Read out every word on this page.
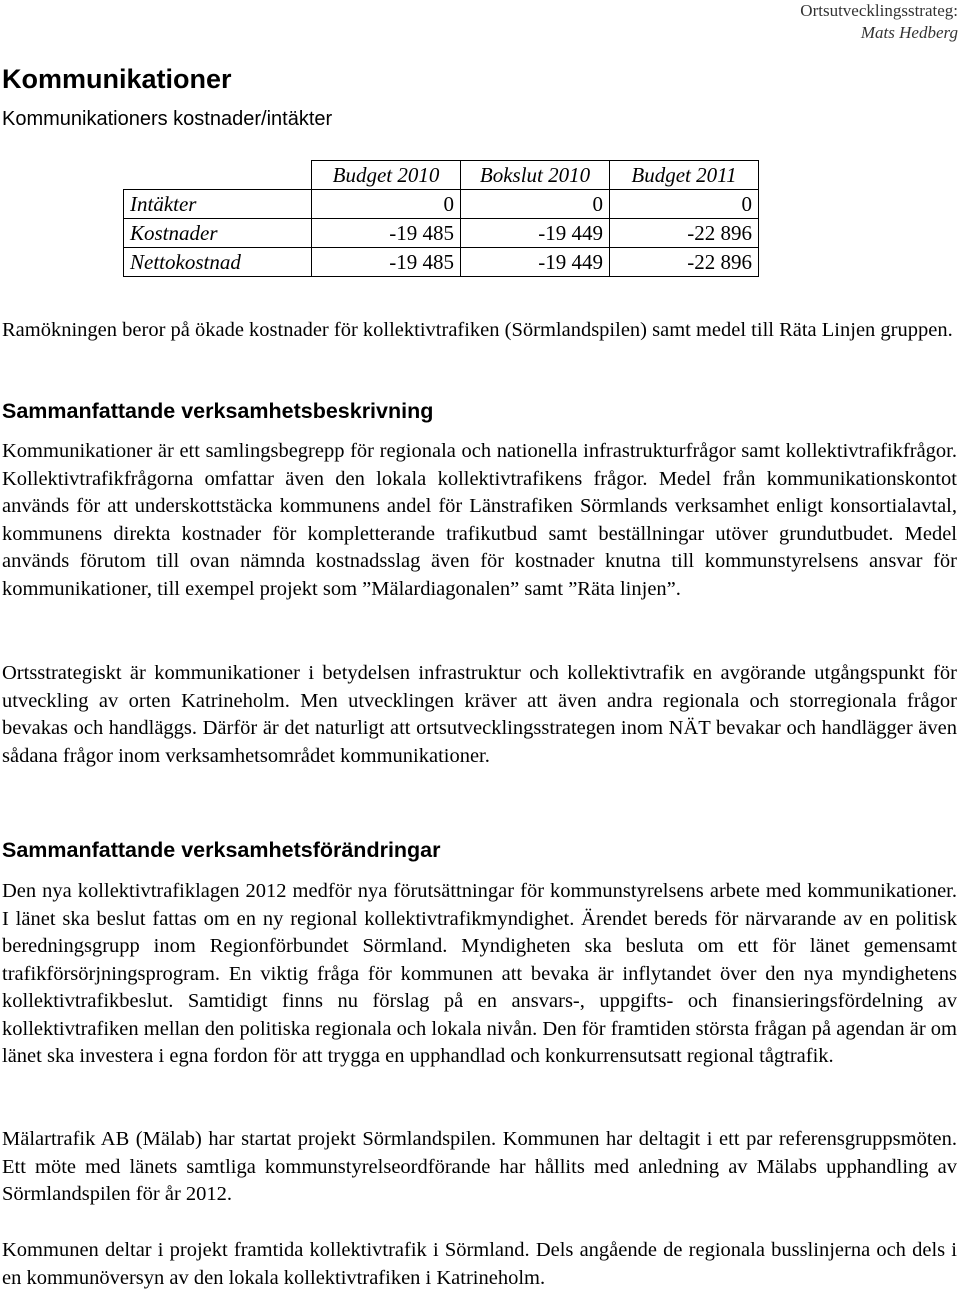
Ortsutvecklingsstrateg:
Mats Hedberg
Kommunikationer
Kommunikationers kostnader/intäkter
	Budget 2010	Bokslut 2010	Budget 2011
Intäkter	0	0	0
Kostnader	-19 485	-19 449	-22 896
Nettokostnad	-19 485	-19 449	-22 896

Ramökningen beror på ökade kostnader för kollektivtrafiken (Sörmlandspilen) samt medel till Räta Linjen gruppen.

Sammanfattande verksamhetsbeskrivning

Kommunikationer är ett samlingsbegrepp för regionala och nationella infrastrukturfrågor samt kollektivtrafikfrågor. Kollektivtrafikfrågorna omfattar även den lokala kollektivtrafikens frågor. Medel från kommunikationskontot används för att underskottstäcka kommunens andel för Länstrafiken Sörmlands verksamhet enligt konsortialavtal, kommunens direkta kostnader för kompletterande trafikutbud samt beställningar utöver grundutbudet. Medel används förutom till ovan nämnda kostnadsslag även för kostnader knutna till kommunstyrelsens ansvar för kommunikationer, till exempel projekt som ”Mälardiagonalen” samt ”Räta linjen”.

Ortsstrategiskt är kommunikationer i betydelsen infrastruktur och kollektivtrafik en avgörande utgångspunkt för utveckling av orten Katrineholm. Men utvecklingen kräver att även andra regionala och storregionala frågor bevakas och handläggs. Därför är det naturligt att ortsutvecklingsstrategen inom NÄT bevakar och handlägger även sådana frågor inom verksamhetsområdet kommunikationer.

Sammanfattande verksamhetsförändringar

Den nya kollektivtrafiklagen 2012 medför nya förutsättningar för kommunstyrelsens arbete med kommunikationer. I länet ska beslut fattas om en ny regional kollektivtrafikmyndighet. Ärendet bereds för närvarande av en politisk beredningsgrupp inom Regionförbundet Sörmland. Myndigheten ska besluta om ett för länet gemensamt trafikförsörjningsprogram. En viktig fråga för kommunen att bevaka är inflytandet över den nya myndighetens kollektivtrafikbeslut. Samtidigt finns nu förslag på en ansvars-, uppgifts- och finansieringsfördelning av kollektivtrafiken mellan den politiska regionala och lokala nivån. Den för framtiden största frågan på agendan är om länet ska investera i egna fordon för att trygga en upphandlad och konkurrensutsatt regional tågtrafik.

Mälartrafik AB (Mälab) har startat projekt Sörmlandspilen. Kommunen har deltagit i ett par referensgruppsmöten. Ett möte med länets samtliga kommunstyrelseordförande har hållits med anledning av Mälabs upphandling av Sörmlandspilen för år 2012.

Kommunen deltar i projekt framtida kollektivtrafik i Sörmland. Dels angående de regionala busslinjerna och dels i en kommunöversyn av den lokala kollektivtrafiken i Katrineholm.
